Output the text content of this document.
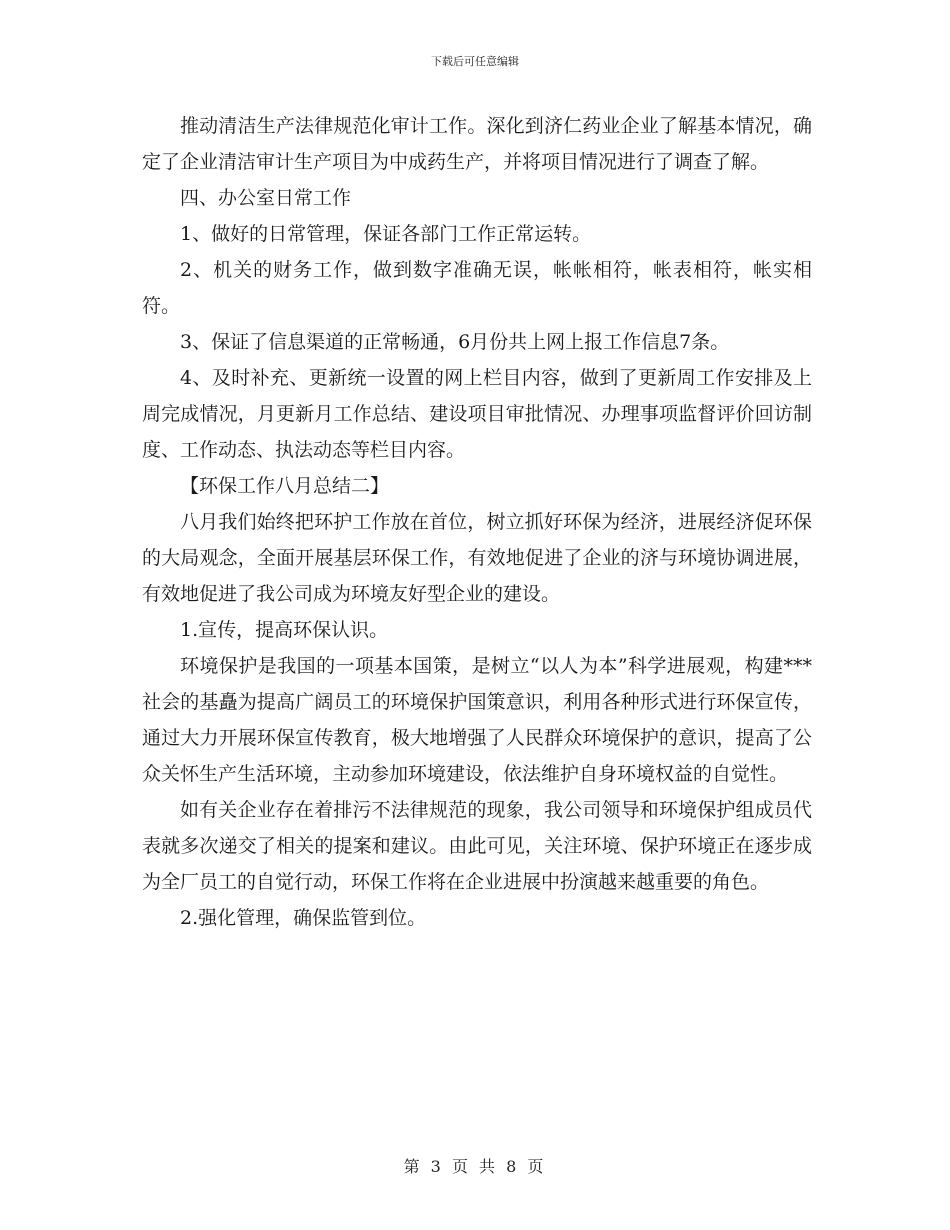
下载后可任意编辑

推动清洁生产法律规范化审计工作。深化到济仁药业企业了解基本情况，确定了企业清洁审计生产项目为中成药生产，并将项目情况进行了调查了解。

四、办公室日常工作

1、做好的日常管理，保证各部门工作正常运转。

2、机关的财务工作，做到数字准确无误，帐帐相符，帐表相符，帐实相符。

3、保证了信息渠道的正常畅通，6月份共上网上报工作信息7条。

4、及时补充、更新统一设置的网上栏目内容，做到了更新周工作安排及上周完成情况，月更新月工作总结、建设项目审批情况、办理事项监督评价回访制度、工作动态、执法动态等栏目内容。

【环保工作八月总结二】

八月我们始终把环护工作放在首位，树立抓好环保为经济，进展经济促环保的大局观念，全面开展基层环保工作，有效地促进了企业的济与环境协调进展，有效地促进了我公司成为环境友好型企业的建设。

1.宣传，提高环保认识。

环境保护是我国的一项基本国策，是树立“以人为本”科学进展观，构建***社会的基矗为提高广阔员工的环境保护国策意识，利用各种形式进行环保宣传，通过大力开展环保宣传教育，极大地增强了人民群众环境保护的意识，提高了公众关怀生产生活环境，主动参加环境建设，依法维护自身环境权益的自觉性。

如有关企业存在着排污不法律规范的现象，我公司领导和环境保护组成员代表就多次递交了相关的提案和建议。由此可见，关注环境、保护环境正在逐步成为全厂员工的自觉行动，环保工作将在企业进展中扮演越来越重要的角色。

2.强化管理，确保监管到位。

第 3 页 共 8 页
